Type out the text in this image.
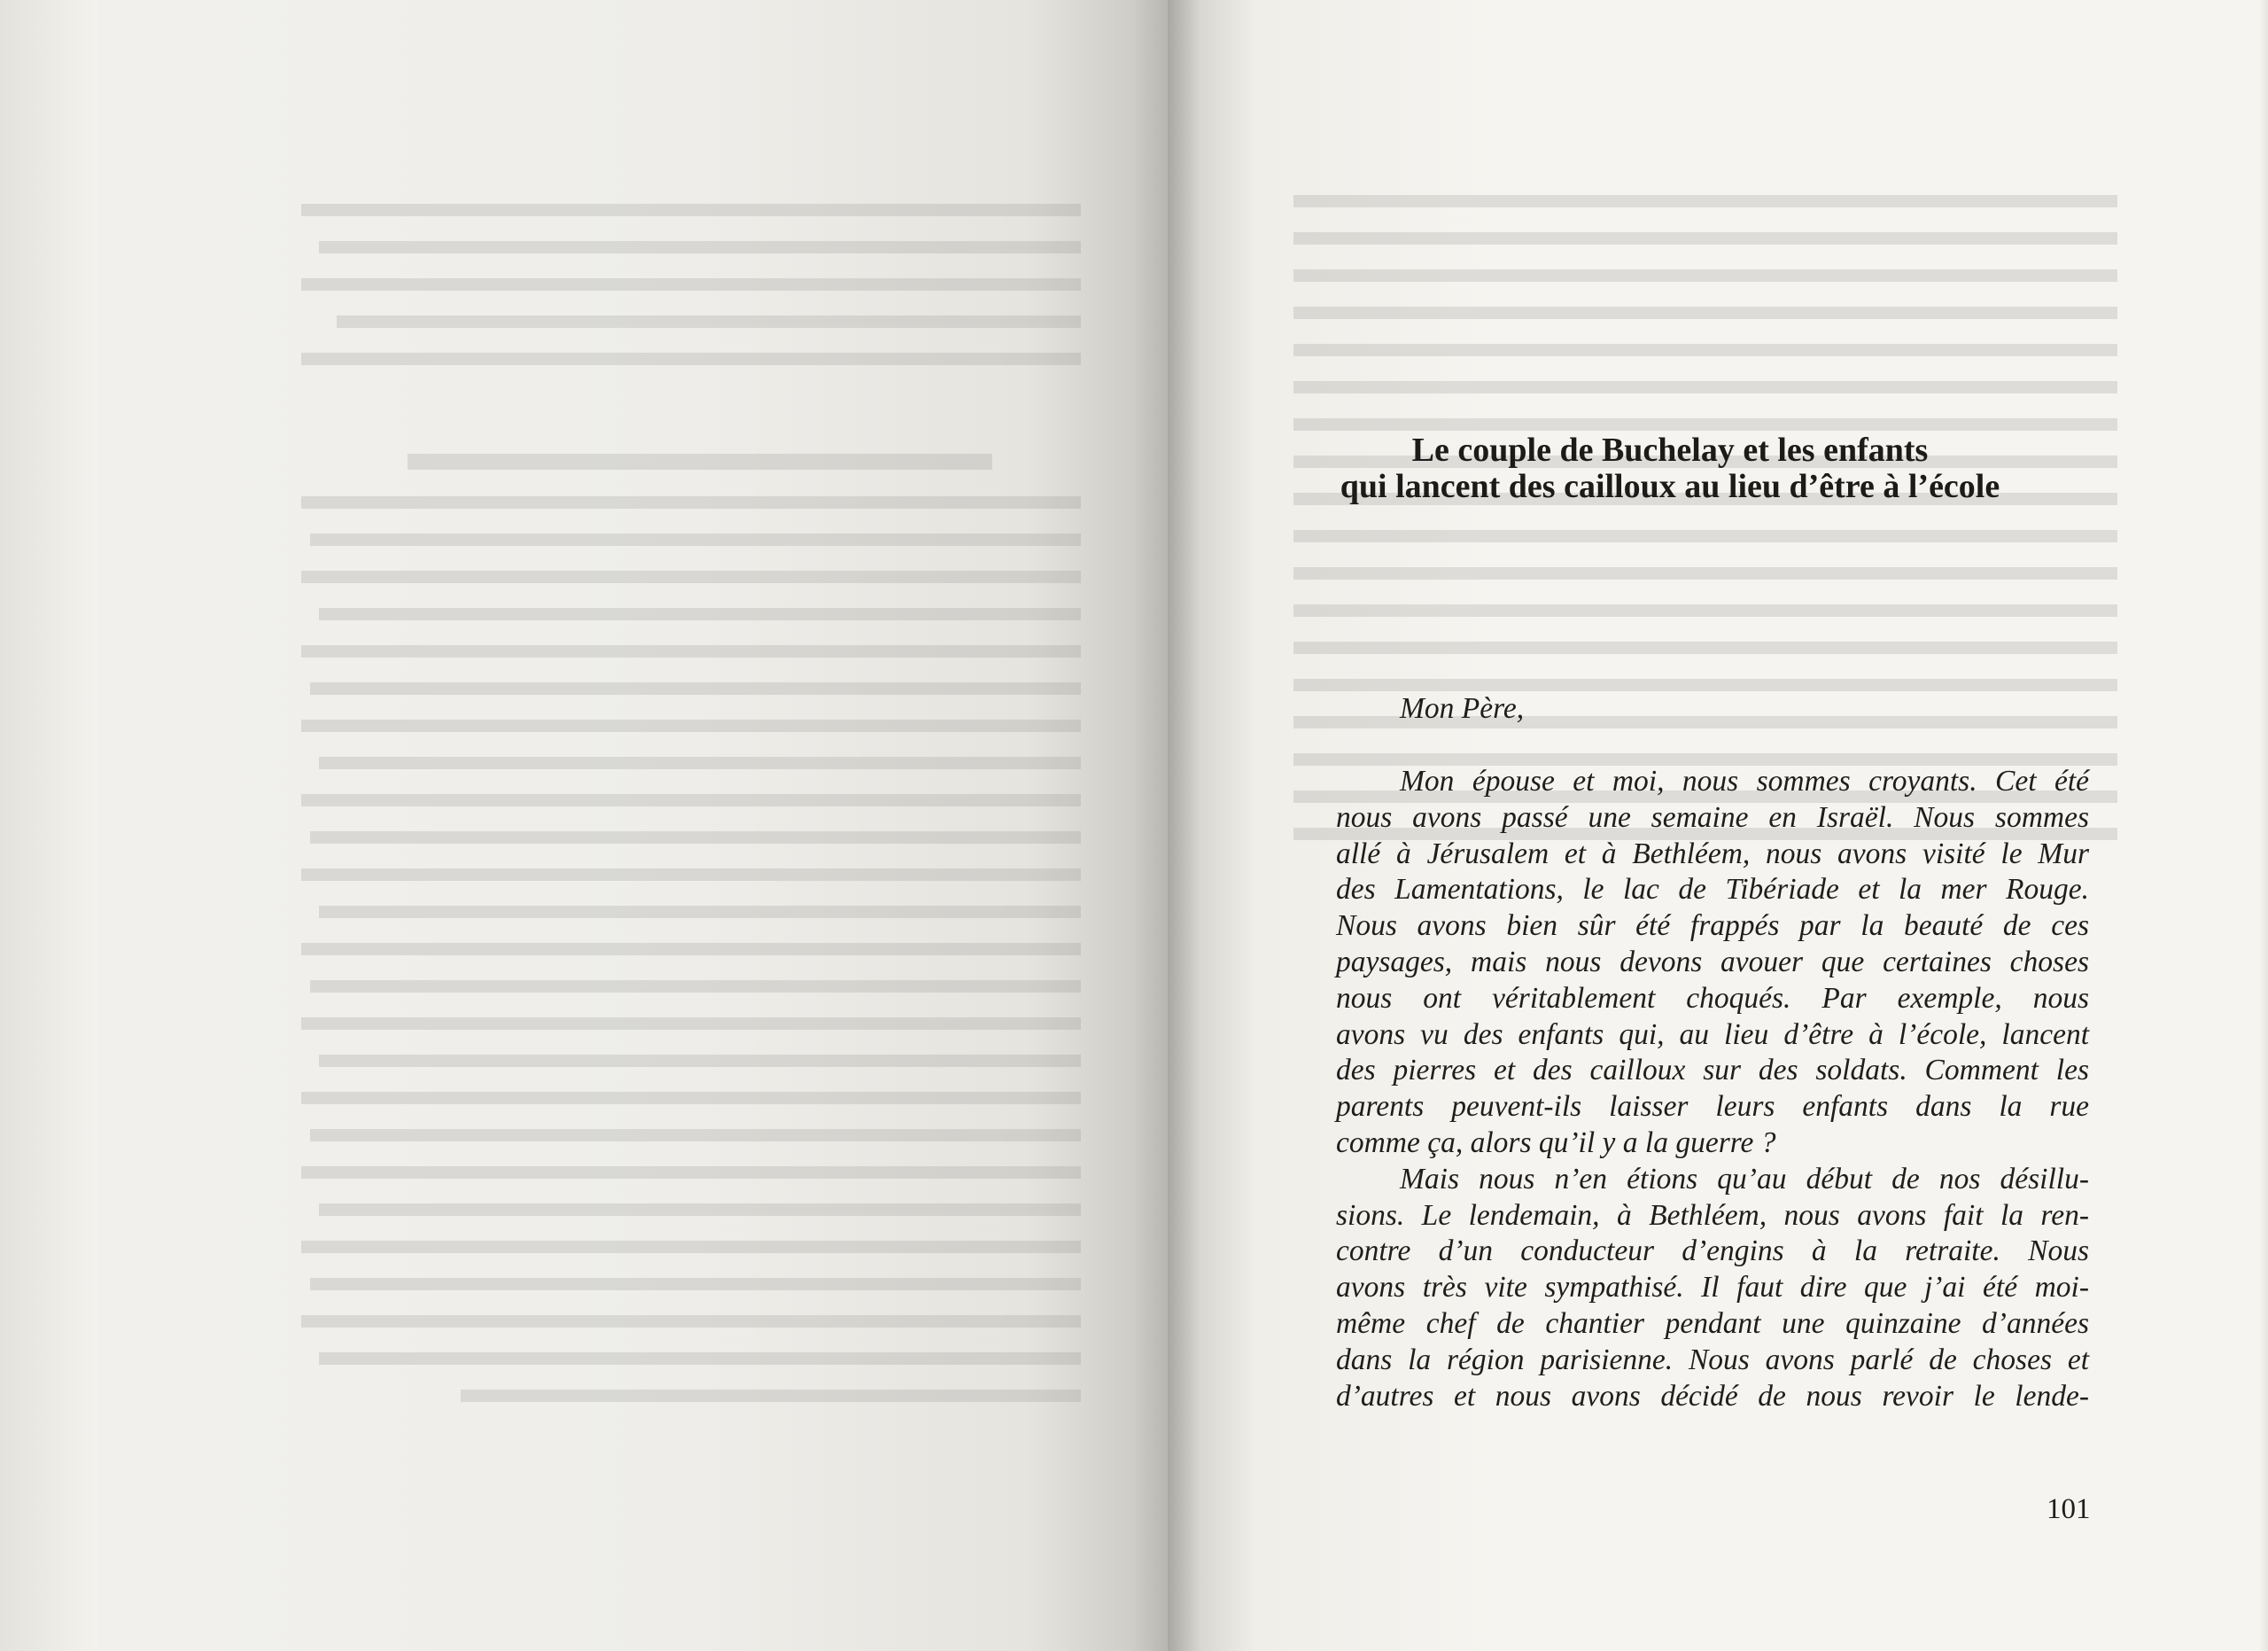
Le couple de Buchelay et les enfants
qui lancent des cailloux au lieu d’être à l’école
Mon Père,
Mon épouse et moi, nous sommes croyants. Cet été
nous avons passé une semaine en Israël. Nous sommes
allé à Jérusalem et à Bethléem, nous avons visité le Mur
des Lamentations, le lac de Tibériade et la mer Rouge.
Nous avons bien sûr été frappés par la beauté de ces
paysages, mais nous devons avouer que certaines choses
nous ont véritablement choqués. Par exemple, nous
avons vu des enfants qui, au lieu d’être à l’école, lancent
des pierres et des cailloux sur des soldats. Comment les
parents peuvent-ils laisser leurs enfants dans la rue
comme ça, alors qu’il y a la guerre ?
Mais nous n’en étions qu’au début de nos désillu-
sions. Le lendemain, à Bethléem, nous avons fait la ren-
contre d’un conducteur d’engins à la retraite. Nous
avons très vite sympathisé. Il faut dire que j’ai été moi-
même chef de chantier pendant une quinzaine d’années
dans la région parisienne. Nous avons parlé de choses et
d’autres et nous avons décidé de nous revoir le lende-
101
